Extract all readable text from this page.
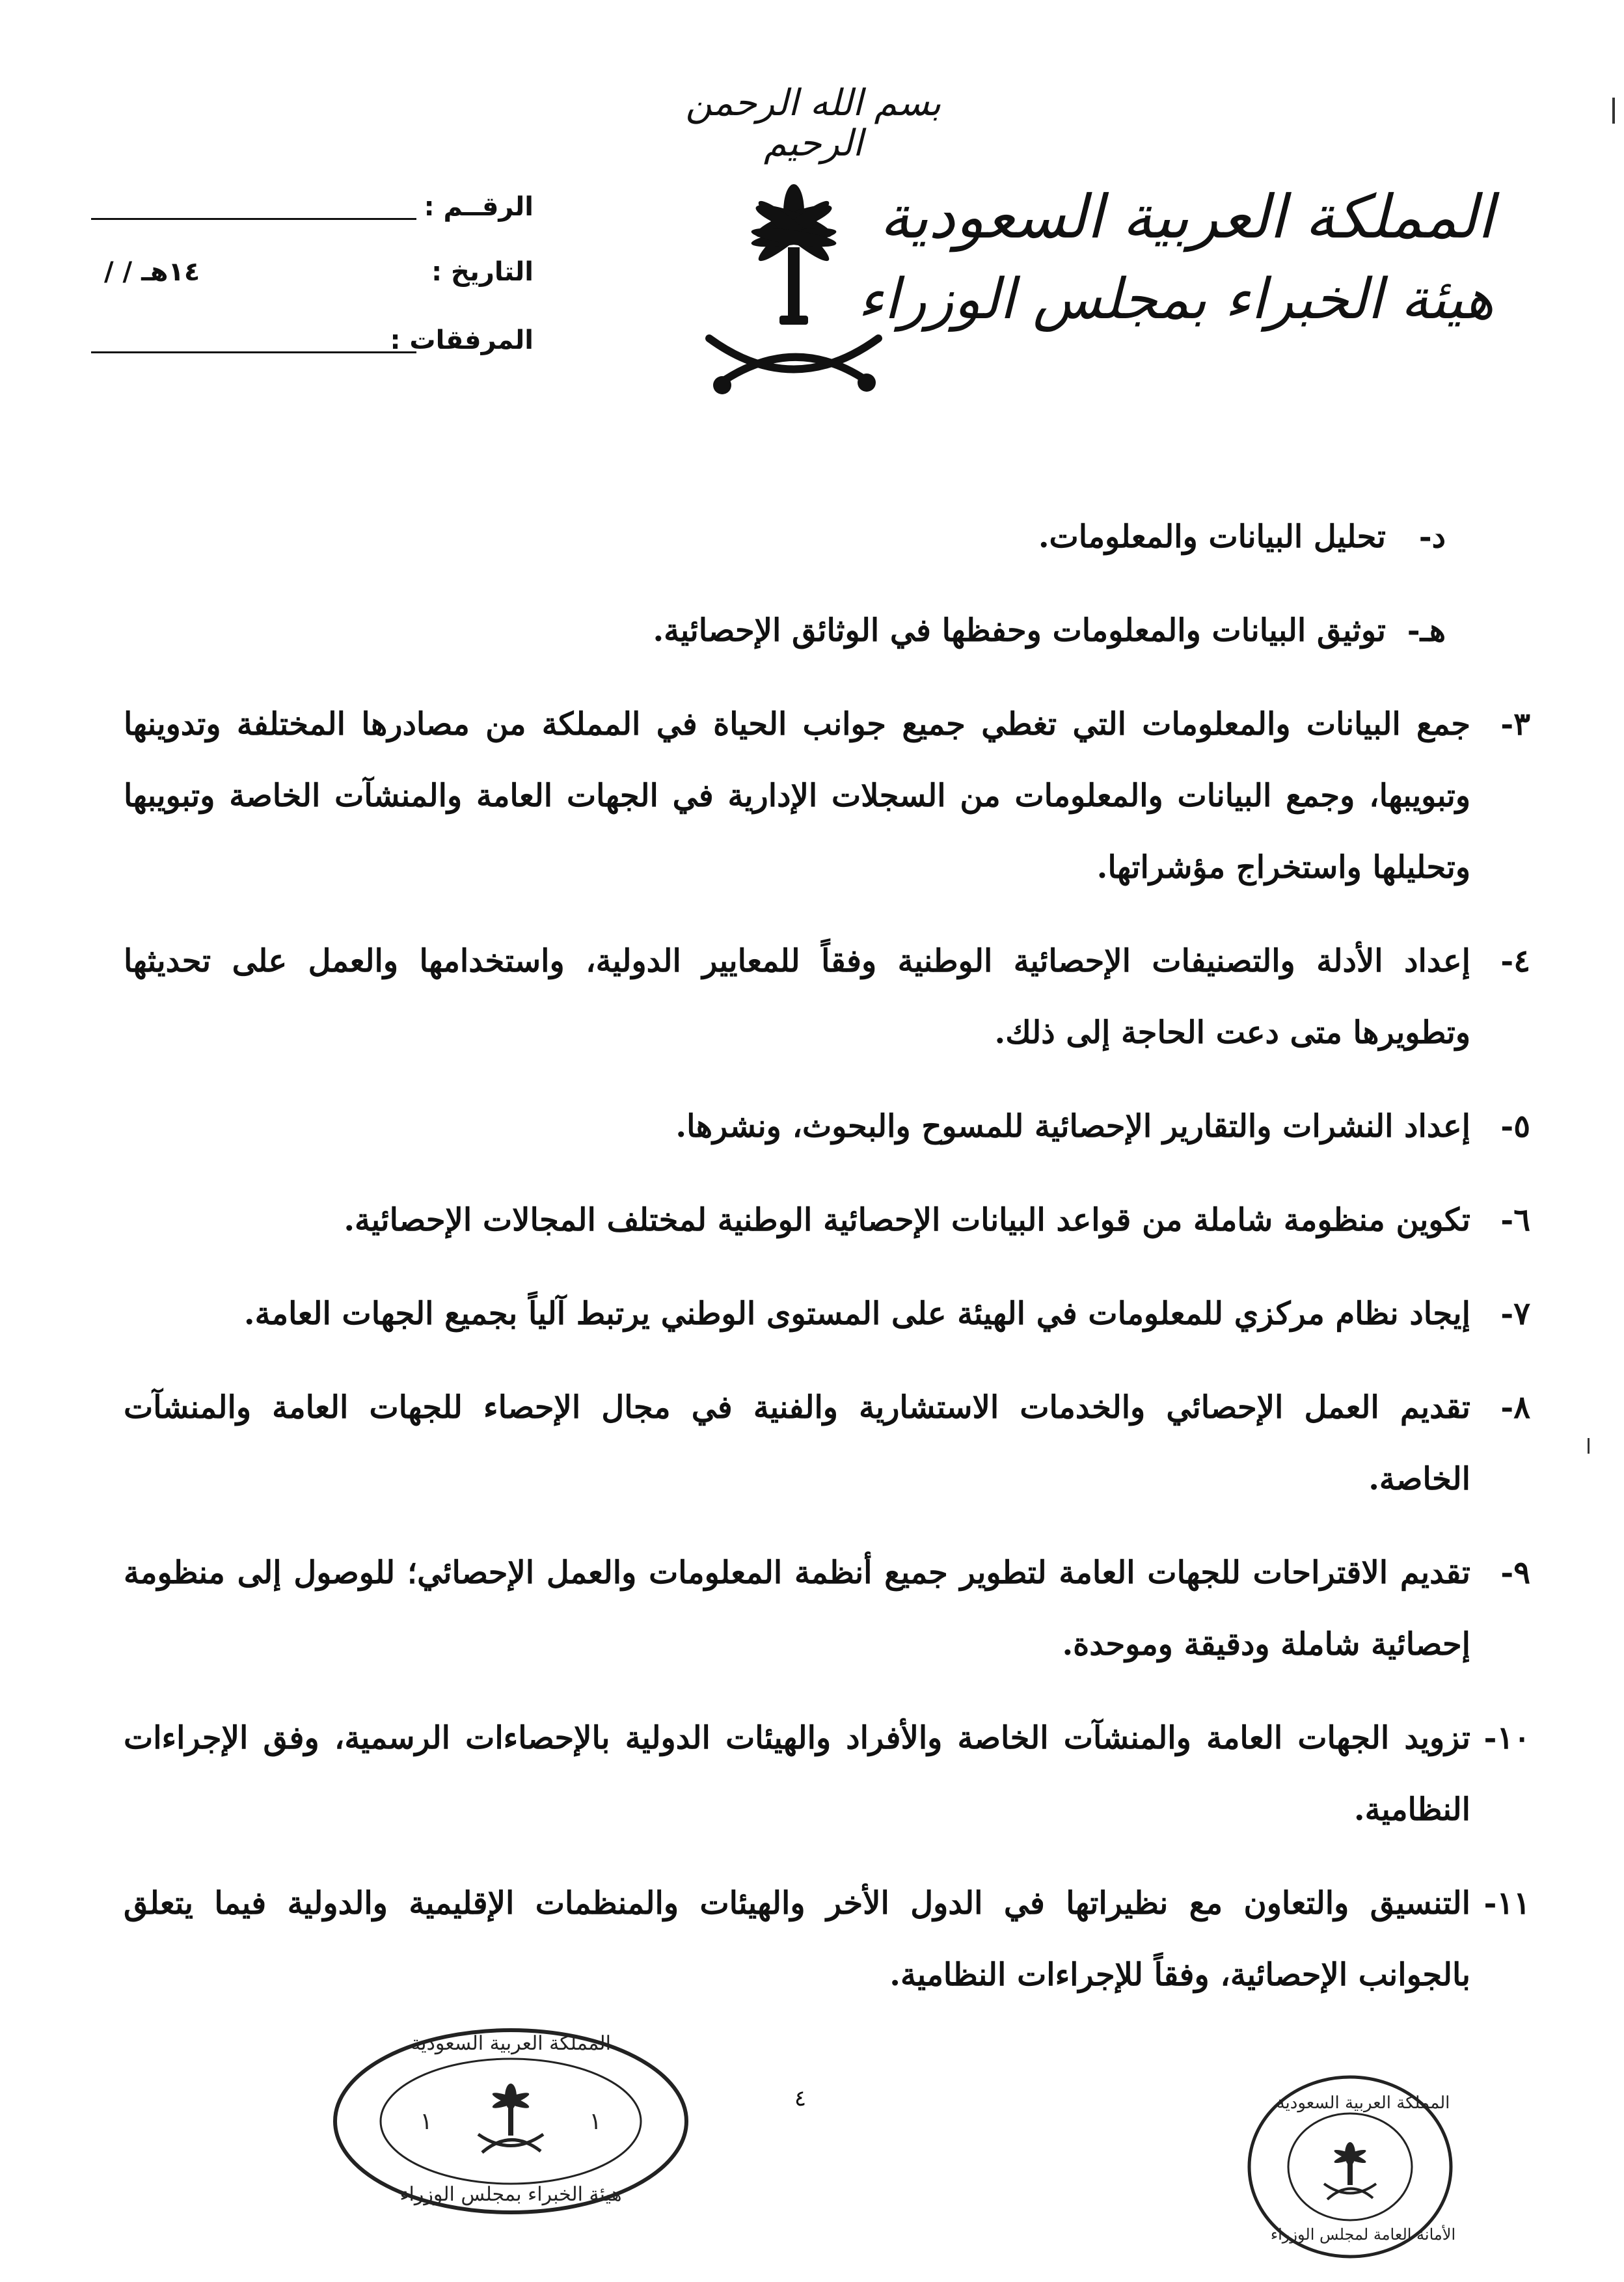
بسم الله الرحمن الرحيم
المملكة العربية السعودية
هيئة الخبراء بمجلس الوزراء
الرقــم :
التاريخ :
/ / ١٤هـ
المرفقات :
د-
تحليل البيانات والمعلومات.
هـ-
توثيق البيانات والمعلومات وحفظها في الوثائق الإحصائية.
٣-
جمع البيانات والمعلومات التي تغطي جميع جوانب الحياة في المملكة من مصادرها المختلفة وتدوينها وتبويبها، وجمع البيانات والمعلومات من السجلات الإدارية في الجهات العامة والمنشآت الخاصة وتبويبها وتحليلها واستخراج مؤشراتها.
٤-
إعداد الأدلة والتصنيفات الإحصائية الوطنية وفقاً للمعايير الدولية، واستخدامها والعمل على تحديثها وتطويرها متى دعت الحاجة إلى ذلك.
٥-
إعداد النشرات والتقارير الإحصائية للمسوح والبحوث، ونشرها.
٦-
تكوين منظومة شاملة من قواعد البيانات الإحصائية الوطنية لمختلف المجالات الإحصائية.
٧-
إيجاد نظام مركزي للمعلومات في الهيئة على المستوى الوطني يرتبط آلياً بجميع الجهات العامة.
٨-
تقديم العمل الإحصائي والخدمات الاستشارية والفنية في مجال الإحصاء للجهات العامة والمنشآت الخاصة.
٩-
تقديم الاقتراحات للجهات العامة لتطوير جميع أنظمة المعلومات والعمل الإحصائي؛ للوصول إلى منظومة إحصائية شاملة ودقيقة وموحدة.
١٠-
تزويد الجهات العامة والمنشآت الخاصة والأفراد والهيئات الدولية بالإحصاءات الرسمية، وفق الإجراءات النظامية.
١١-
التنسيق والتعاون مع نظيراتها في الدول الأخر والهيئات والمنظمات الإقليمية والدولية فيما يتعلق بالجوانب الإحصائية، وفقاً للإجراءات النظامية.
٤
المملكة العربية السعودية
هيئة الخبراء بمجلس الوزراء
١	١
المملكة العربية السعودية
الأمانة العامة لمجلس الوزراء
